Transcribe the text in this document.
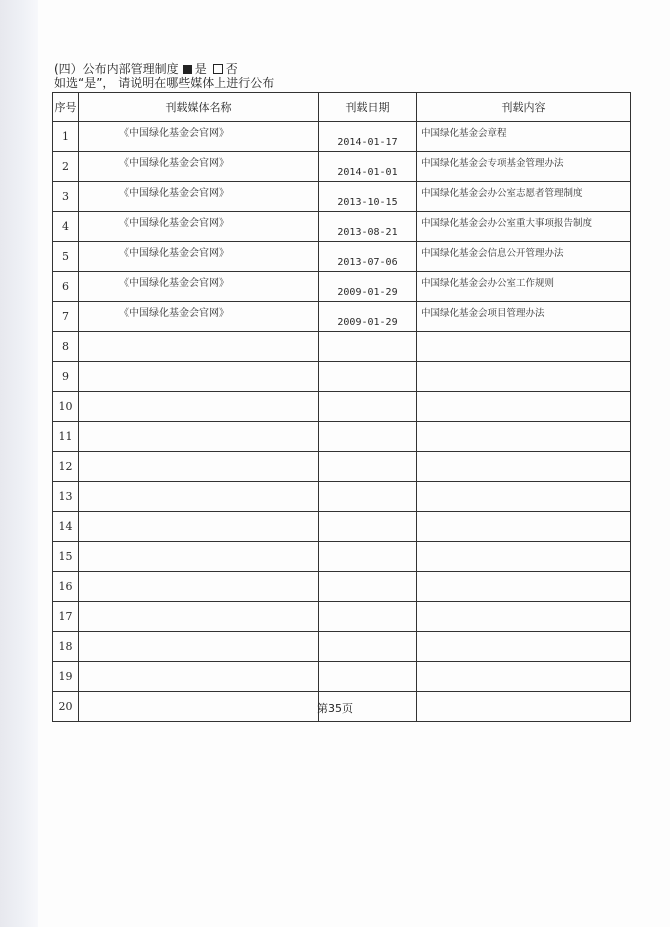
(四）公布内部管理制度 是 否
如选“是”， 请说明在哪些媒体上进行公布
序号	刊载媒体名称	刊载日期	刊载内容
1	《中国绿化基金会官网》	2014-01-17	中国绿化基金会章程
2	《中国绿化基金会官网》	2014-01-01	中国绿化基金会专项基金管理办法
3	《中国绿化基金会官网》	2013-10-15	中国绿化基金会办公室志愿者管理制度
4	《中国绿化基金会官网》	2013-08-21	中国绿化基金会办公室重大事项报告制度
5	《中国绿化基金会官网》	2013-07-06	中国绿化基金会信息公开管理办法
6	《中国绿化基金会官网》	2009-01-29	中国绿化基金会办公室工作规则
7	《中国绿化基金会官网》	2009-01-29	中国绿化基金会项目管理办法
8			
9			
10			
11			
12			
13			
14			
15			
16			
17			
18			
19			
20				第35页
